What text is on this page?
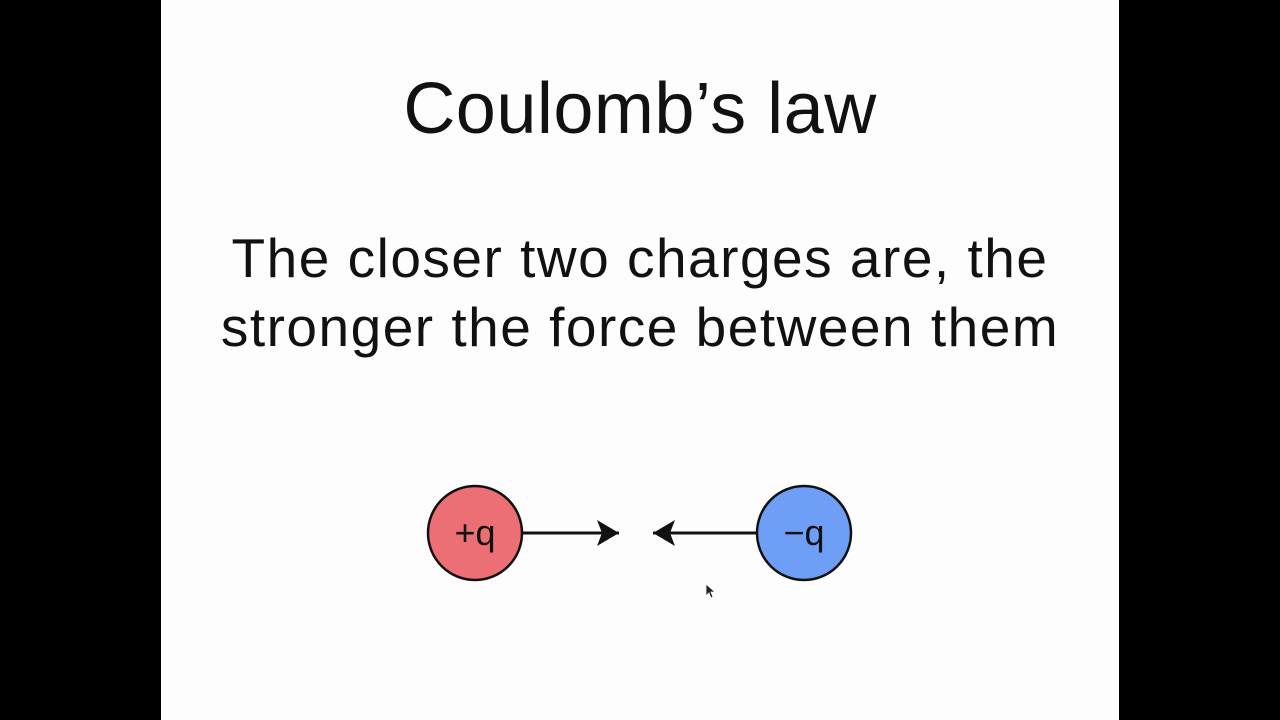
Coulomb’s law
The closer two charges are, the
stronger the force between them
+q	−q
